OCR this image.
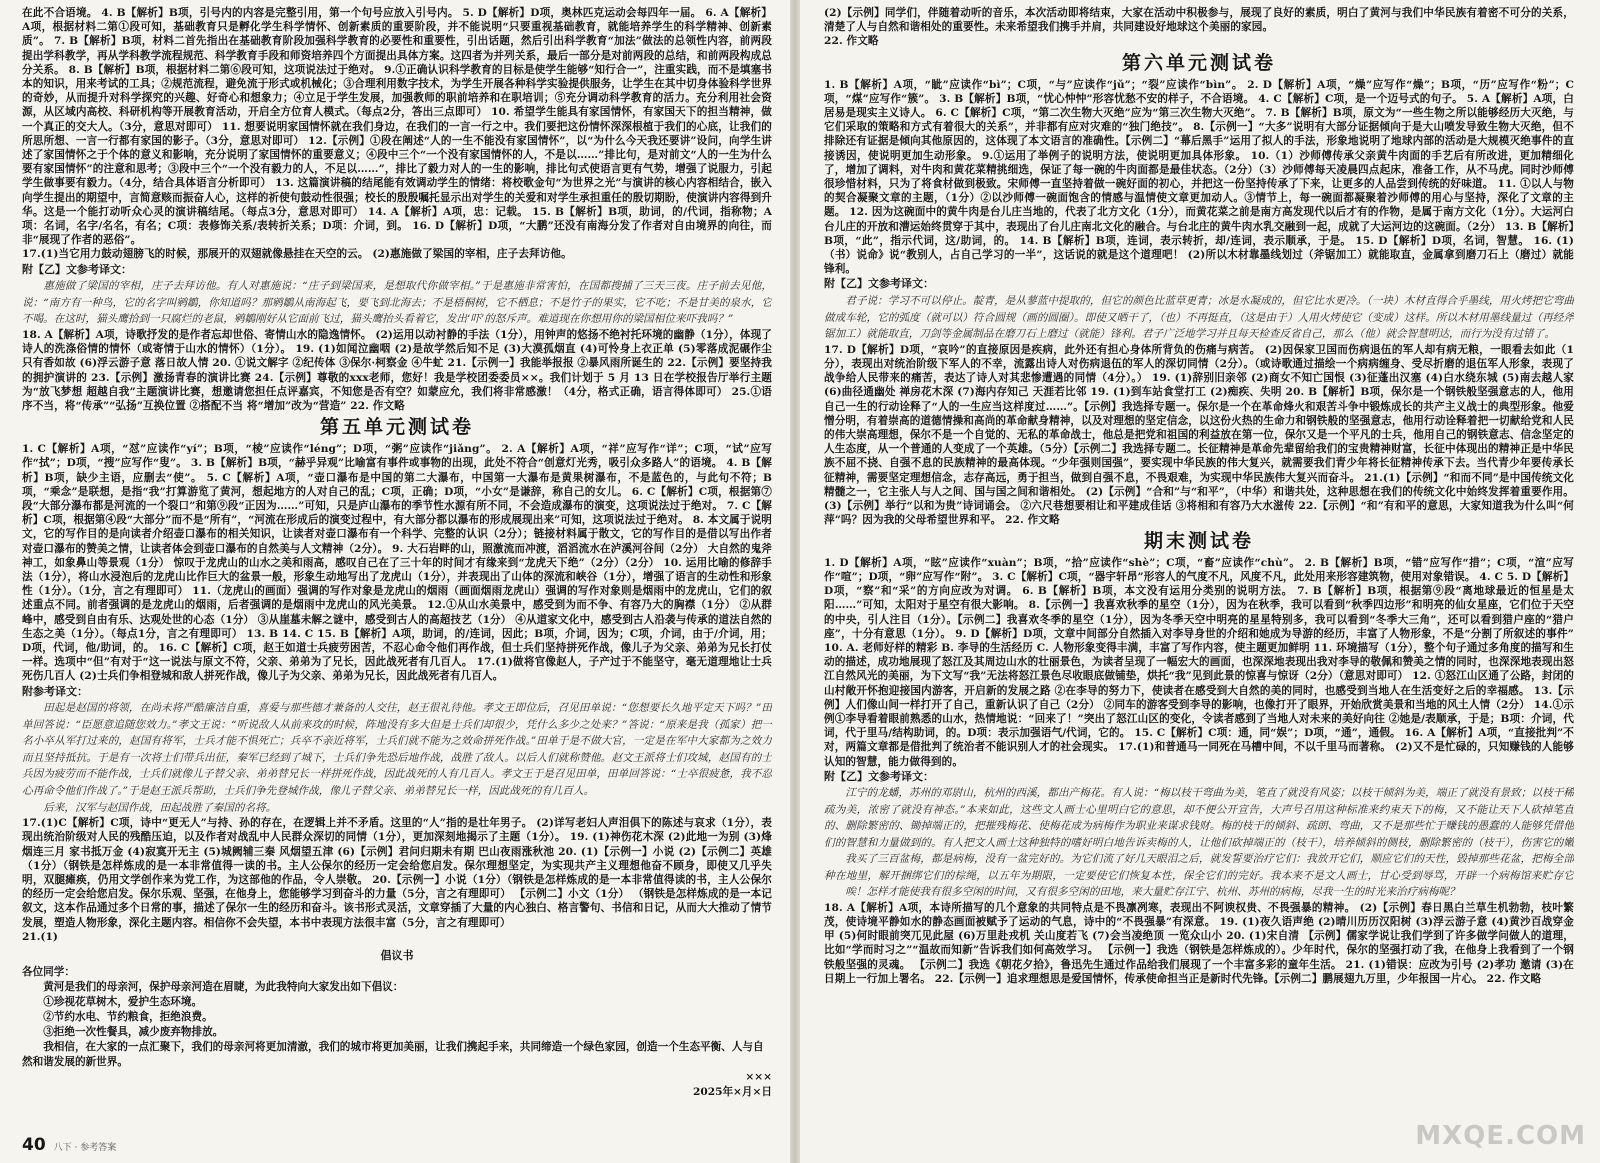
在此不合语境。 4. B【解析】B项，引号内的内容是完整引用，第一个句号应放入引号内。 5. D【解析】D项，奥林匹克运动会每四年一届。 6. A【解析】A项，根据材料二第①段可知，基础教育只是孵化学生科学情怀、创新素质的重要阶段，并不能说明“只要重视基础教育，就能培养学生的科学精神、创新素质”。 7. B【解析】B项，材料二首先指出在基础教育阶段加强科学教育的必要性和重要性，引出话题，然后引出科学教育“加法”做法的总领性内容，前两段提出学科教学，再从学科教学流程规范、科学教育手段和师资培养四个方面提出具体方案。这四者为并列关系，最后一部分是对前两段的总结，和前两段构成总分关系。 8. B【解析】B项，根据材料二第⑥段可知，这项说法过于绝对。 9.①正确认识科学教育的目标是使学生能够“知行合一”，注重实践，而不是填塞书本的知识，用来考试的工具；②规范流程，避免流于形式或机械化；③合理利用数字技术，为学生开展各种科学实验提供服务，让学生在其中切身体验科学世界的奇妙，从而提升对科学探究的兴趣、好奇心和想象力；④立足于学生发展，加强教师的职前培养和在职培训；⑤充分调动科学教育的活力。充分利用社会资源，从区域内高校、科研机构等开展教育活动，开启全方位育人模式。（每点2分，答出三点即可） 10. 希望学生能具有家国情怀，有家国天下的担当精神，做一个真正的交大人。（3分，意思对即可） 11. 想要说明家国情怀就在我们身边，在我们的一言一行之中。我们要把这份情怀深深根植于我们的心底，让我们的所思所想、一言一行都有家国的影子。（3分，意思对即可） 12.【示例】①段在阐述“人的一生不能没有家国情怀”，以“为什么今天我还要讲”设问，向学生讲述了家国情怀之于个体的意义和影响，充分说明了家国情怀的重要意义；④段中三个“一个没有家国情怀的人，不是以……”排比句，是对前文“人的一生为什么要有家国情怀”的注意和思考；③段中三个“一个没有毅力的人，不足以……”，排比了毅力对人的一生的影响，排比句式使语言更有气势，增强了说服力，引起学生做事要有毅力。（4分，结合具体语言分析即可） 13. 这篇演讲稿的结尾能有效调动学生的情绪：将校歌金句“为世界之光”与演讲的核心内容相结合，嵌入向学生提出的期望中，言简意赅而振奋人心，这样的祈使句鼓动性很强；校长的殷殷嘱托显示出对学生的关爱和对学生承担重任的殷切期盼，使演讲内容得到升华。这是一个能打动听众心灵的演讲稿结尾。（每点3分，意思对即可） 14. A【解析】A项，忠：记载。 15. B【解析】B项，助词，的/代词，指称物；A项：名词，名字/名名，有名；C项：表修饰关系/表转折关系；D项：介词，到。 16. D【解析】D项，“大鹏”还没有南海分发了作者对自由境界的向往，而非“展现了作者的恶俗”。

17.(1)当它用力鼓动翅膀飞的时候，那展开的双翅就像悬挂在天空的云。 (2)惠施做了梁国的宰相，庄子去拜访他。

附【乙】文参考译文：

惠施做了梁国的宰相，庄子去拜访他。有人对惠施说：“庄子到梁国来，是想取代你做宰相。”于是惠施非常害怕，在国都搜捕了三天三夜。庄子前去见他，说：“南方有一种鸟，它的名字叫鹓鶵，你知道吗？那鹓鶵从南海起飞，要飞到北海去；不是梧桐树，它不栖息；不是竹子的果实，它不吃；不是甘美的泉水，它不喝。在这时，猫头鹰拾到一只腐烂的老鼠，鹓鶵刚好从它面前飞过，猫头鹰抬头看着它，发出‘吓’的怒斥声。难道现在你想用你的梁国相位来吓我吗？”

18. A【解析】A项，诗歌抒发的是作者忘却世俗、寄情山水的隐逸情怀。 (2)运用以动衬静的手法（1分），用钟声的悠扬不绝衬托环境的幽静（1分），体现了诗人的洗涤俗情的情怀（或寄情于山水的情怀）（1分）。 19. (1)如闻泣幽咽 (2)是故学然后知不足 (3)大漠孤烟直 (4)可怜身上衣正单 (5)零落成泥碾作尘 只有香如故 (6)浮云游子意 落日故人情 20. ①说文解字 ②纪传体 ③保尔·柯察金 ④牛虻 21.【示例一】我能举报报 ②暴风雨所诞生的 22.【示例】要坚持我的拥护演讲的 23.【示例】激扬青春的演讲比赛 24.【示例】尊敬的xxx老师，您好！我是学校团委委员××。我们计划于 5 月 13 日在学校报告厅举行主题为“放飞梦想 超越自我”主题演讲比赛，想邀请您担任点评嘉宾，不知您是否有空？如蒙应允，我们将非常感激！（4分，格式正确，语言得体即可） 25.①语序不当，将“传承”“弘扬”互换位置 ②搭配不当 将“增加”改为“营造” 22. 作文略

第五单元测试卷

1. C【解析】A项，“怼”应读作“yí”；B项，“棱”应读作“léng”；D项，“粥”应读作“jiǎng”。 2. A【解析】A项，“祥”应写作“详”；C项，“试”应写作“拭”；D项，“搜”应写作“叟”。 3. B【解析】B项，“赫乎异观”比喻富有事件或事物的出现，此处不符合“创意灯光秀，吸引众多路人”的语境。 4. B【解析】B项，缺少主语，应删去“使”。 5. C【解析】A项，“壶口瀑布是中国的第二大瀑布，中国第一大瀑布是黄果树瀑布，不是蓝色的，与此句不符；B项，“乘念”是联想，是指“我”打算游览了黄河，想起地方的人对自己的乱；C项，正确；D项，“小女”是谦辞，称自己的女儿。 6. C【解析】C项，根据第⑦段“大部分瀑布都是河流的一个裂口”和第⑨段“正因为……”可知，只是庐山瀑布的季节性水源有所不同，不会造成瀑布的演变，这项说法过于绝对。 7. C【解析】C项，根据第④段“大部分”而不是“所有”，“河流在形成后的演变过程中，有大部分都以瀑布的形成展现出来”可知，这项说法过于绝对。 8. 本文属于说明文，它的写作目的是向读者介绍壶口瀑布的相关知识，让读者对壶口瀑布有一个科学、完整的认识（2分）；链接材料属于散文，它的写作目的是借以写出作者对壶口瀑布的赞美之情，让读者体会到壶口瀑布的自然美与人文精神（2分）。 9. 大石岩畔的山，照激流而冲渡，滔滔流水在泸溪河谷间（2分） 大自然的鬼斧神工，如象鼻山等景观（1分） 惊叹于龙虎山的山水之美和雨高，感叹自己在了三十年的时间才有缘来到“龙虎天下绝”（2分）（2分） 10. 运用比喻的修辞手法（1分），将山水浸泡后的龙虎山比作巨大的盆景一般，形象生动地写出了龙虎山（1分），并表现出了山体的深流和峡谷（1分），增强了语言的生动性和形象性（1分）。（1分，言之有理即可） 11.（龙虎山的画面）强调的写作对象是龙虎山的烟雨（画面烟雨龙虎山）强调的写作对象则是烟雨中的龙虎山，它们的叙述重点不同。前者强调的是龙虎山的烟雨，后者强调的是烟雨中龙虎山的风光美景。 12.①从山水美景中，感受到为而不争、有容乃大的胸襟（1分） ②从群峰中，感受到自由有乐、达观处世的心态（1分） ③从崖墓未解之谜中，感受到古人的高超技艺（1分） ④从道家文化中，感受到古人沿袭与传承的道法自然的生态之美（1分）。（每点1分，言之有理即可） 13. B 14. C 15. B【解析】A项，助词，的/连词，因此；B项，介词，因为；C项，介词，由于/介词，用；D项，代词，他/助词，的。 16. C【解析】C项，赵王如道士兵疲劳困苦，不忍心命令他们再作战，但士兵们坚持拼死作战，像儿子为父亲、弟弟为兄长打仗一样。选项中“但”有对于“这一说法与原文不符，父亲、弟弟为了兄长，因此战死者有几百人。 17.(1)做将官像赵人，子产过于不能坚守，毫无道理地让士兵死伤几百人 (2)士兵们争相登城和敌人拼死作战，像儿子为父亲、弟弟为兄长，因此战死者有几百人。

附参考译文：

田起是赵国的将领，在尚未将严酷廉洁自重，喜爱与那些德才兼备的人交往，赵王很礼待他。孝文王即位后，召见田单说：“您想要长久地平定天下吗？”田单回答说：“臣愿意追随您效力。”孝文王说：“听说敌人从前来攻的时候，阵地没有多大但是士兵们却很少，凭什么多少之处来？”答说：“原来是我（孤家）把一名小卒从军打过来的，赵国有将军，士兵才能不惧死亡；兵卒不亲近将军，士兵们就不能为之效命拼死作战。”田单于是不做大官，一定是在军中大家都为之效力而且坚持抵抗。于是有一次将士们带兵出征，秦军已经到了城下，士兵们争先恐后地作战，战胜了敌人。以后人们就称赞他。赵文王派将士们攻城，赵国有的士兵因为疲劳而不能作战，士兵们就像儿子替父亲、弟弟替兄长一样拼死作战，因此战死的人有几百人。孝文王于是召见田单，田单回答说：“士卒很疲惫，我不忍心再命令他们作战了。”于是赵王派兵帮助，士兵们争先登城作战，像儿子替父亲、弟弟替兄长一样，因此战死的有几百人。

后来，汉军与赵国作战，田起战胜了秦国的名将。

17.(1)C【解析】C项，诗中“更无人”与持、孙的存在，在逻辑上并不矛盾。这里的“人”指的是壮年男子。 (2)详写老妇人声泪俱下的陈述与哀求（1分），表现出统治阶级对人民的残酷压迫，以及作者对战乱中人民群众深切的同情（1分），更加深刻地揭示了主题（1分）。 19. (1)神伤花木深 (2)此地一为别 (3)烽烟连三月 家书抵万金 (4)寂寞开无主 (5)城阙辅三秦 风烟望五津 (6)【示例】君问归期未有期 巴山夜雨涨秋池 20. (1)【示例一】小说 (2)【示例二】英雄（1分）（钢铁是怎样炼成的是一本非常值得一读的书。主人公保尔的经历一定会给您启发。保尔理想坚定，为实现共产主义理想他奋不顾身，即使又几乎失明，双腿瘫痪，仍用文学创作来为党工作，为这部他的作品，令人崇敬。 20.【示例一】小说（1分）（钢铁是怎样炼成的是一本非常值得读的书，主人公保尔的经历一定会给您启发。保尔乐观、坚强，在他身上，您能够学习到奋斗的力量（5分，言之有理即可） 【示例二】小文（1分） （钢铁是怎样炼成的是一本记叙文，这本作品通过多个日常的事，描述了保尔一生的经历和奋斗。该书形式灵活，文章穿插了大量的内心独白、格言警句、书信和日记，从而大大推动了情节发展，塑造人物形象，深化主题内容。相信你不会失望，本书中表现方法很丰富（5分，言之有理即可）

21.(1)

倡议书

各位同学：

黄河是我们的母亲河，保护母亲河造在眉睫，为此我特向大家发出如下倡议：

①珍视花草树木，爱护生态环境。

②节约水电、节约粮食，拒绝浪费。

③拒绝一次性餐具，减少废弃物排放。

我相信，在大家的一点汇聚下，我们的母亲河将更加清澈，我们的城市将更加美丽，让我们携起手来，共同缔造一个绿色家园，创造一个生态平衡、人与自然和谐发展的新世界。

×××

2025年×月×日

40 八下 · 参考答案

(2)【示例】同学们，伴随着动听的音乐，本次活动即将结束，大家在活动中积极参与，展现了良好的素质，明白了黄河与我们中华民族有着密不可分的关系，清楚了人与自然和谐相处的重要性。未来希望我们携手并肩，共同建设好地球这个美丽的家园。

22. 作文略

第六单元测试卷

1. B【解析】A项，“眦”应读作“bì”；C项，“与”应读作“jǔ”；“裂”应读作“bìn”。 2. D【解析】A项，“燥”应写作“燥”；B项，“历”应写作“粉”；C项，“煤”应写作“簇”。 3. B【解析】B项，“忧心忡忡”形容忧愁不安的样子，不合语境。 4. C【解析】C项，是一个迈号式的句子。 5. A【解析】A项，白居易是现实主义诗人。 6. C【解析】C项，“第二次生物大灭绝”应为“第三次生物大灭绝”。 7. B【解析】B项，原文为“一些生物之所以能够经历大灭绝，与它们采取的策略和方式有着很大的关系”，并非都有应对灾难的“独门绝技”。 8.【示例一】“大多”说明有大部分证据倾向于是大山喷发导致生物大灭绝，但不排除还有证据是倾向其他原因的，这体现了本文语言的准确性。【示例二】“幕后黑手”运用了拟人的手法，形象地说明了地球内部的活动是大规模灭绝事件的直接诱因，使说明更加生动形象。 9.①运用了举例子的说明方法，使说明更加具体形象。 10.（1）沙师傅传承父亲黄牛肉面的手艺后有所改进，更加精细化了，增加了调料，对牛肉和黄花菜精挑细选，保证了每一碗的牛肉面都是最佳状态。（2分）（3）沙师傅每天凌晨四点起床，准备工作，从不马虎。同时沙师傅很珍惜材料，只为了将食材做到极致。宋师傅一直坚持着做一碗好面的初心，并把这一份坚持传承了下来，让更多的人品尝到传统的好味道。 11. ①以人与物的契合凝聚文章的主题，（1分）②以沙师傅一碗面饱含的情感与温情使文章更加动人。③情节上，每一碗面都凝聚着沙师傅的用心与坚持，深化了文章的主题。 12. 因为这碗面中的黄牛肉是台儿庄当地的，代表了北方文化（1分），而黄花菜之前是南方高发现代以后才有的作物，是属于南方文化（1分）。大运河白台儿庄的开放和漕运始终贯穿于其中，表现出了台儿庄南北文化的融合。与台北庄的黄牛肉水乳交融到一起，成就了大运河边的这碗面。（2分） 13. B【解析】B项，“此”，指示代词，这/助词，的。 14. B【解析】B项，连词，表示转折，却/连词，表示顺承，于是。 15. D【解析】D项，名词，智慧。 16. (1)（书）说命》说“教别人，占自己学习的一半”，这话说的就是这个道理吧！ (2)所以木材靠墨线划过（斧锯加工）就能取直，金属拿到磨刀石上（磨过）就能锋利。

附【乙】文参考译文：

君子说：学习不可以停止。靛青，是从蓼蓝中提取的，但它的颜色比蓝草更青；冰是水凝成的，但它比水更冷。（一块）木材直得合乎墨线，用火烤把它弯曲做成车轮，它的弧度（就可以）符合圆规（画的圆圈）。即使又晒干了，（也）不再挺直，（这是由于）人用火烤使它（变成）这样。所以木材用墨线量过（再经斧锯加工）就能取直，刀剑等金属制品在磨刀石上磨过（就能）锋利。君子广泛地学习并且每天检查反省自己，那么（他）就会智慧明达，而行为没有过错了。

17. D【解析】D项，“哀吟”的直接原因是疾病，此外还有担心身体所背负的伤痛与病苦。 (2)因保家卫国而伤病退伍的军人却有病无粮，一眼看去如此（1分），表现出对统治阶级下军人的不幸，流露出诗人对伤病退伍的军人的深切同情（2分）。（或诗歌通过描绘一个病病缠身、受尽折磨的退伍军人形象，表现了战争给人民带来的痛苦，表达了诗人对其悲惨遭遇的同情（4分）。） 19. (1)辞别旧亲邻 (2)商女不知亡国恨 (3)征蓬出汉塞 (4)白水绕东城 (5)南去越人家 (6)曲径通幽处 禅房花木深 (7)海内存知己 天涯若比邻 19. (1)到车站食堂打工 (2)痴疾、失明 20. B【解析】B项，保尔是一个钢铁般坚强意志的人，他用自己一生的行动诠释了“人的一生应当这样度过……”。【示例】我选择专题一。保尔是一个在革命烽火和艰苦斗争中锻炼成长的共产主义战士的典型形象。他爱憎分明，有着崇高的道德情操和高尚的革命献身精神，以及对理想的坚定信念，以这份火热的生命力和钢铁般的坚强意志，他用行动诠释着把一切献给党和人民的伟大崇高理想，保尔不是一个自觉的、无私的革命战士，他总是把党和祖国的利益放在第一位，保尔又是一个平凡的士兵，他用自己的钢铁意志、信念坚定的人生态度，从一个普通的人变成了一个英雄。（5分）【示例二】我选择专题二。长征精神是革命先辈留给我们的宝贵精神财富，长征中体现出的精神正是中华民族不屈不挠、自强不息的民族精神的最高体现。“少年强则国强”，要实现中华民族的伟大复兴，就需要我们青少年将长征精神传承下去。当代青少年要传承长征精神，需要坚定理想信念，志存高远，勇于担当，做到自强不息，不畏艰难，为实现中华民族伟大复兴而奋斗。 21.(1)【示例】“和而不同”是中国传统文化精髓之一，它主张人与人之间、国与国之间和谐相处。 (2)【示例】“合和”与“和平”，（中华）和谐共处，这种思想在我们的传统文化中始终发挥着重要作用。 (3)【示例】举行“以和为贵”诗词诵会。 ②六尺巷想要相让和平建成佳话 ③将相和有容乃大水滋传 22.【示例】“和”有和平的意思，大家知道我为什么叫“何萍”吗？因为我的父母希望世界和平。 22. 作文略

期末测试卷

1. D【解析】A项，“眩”应读作“xuàn”；B项，“拾”应读作“shè”；C项，“畜”应读作“chù”。 2. B【解析】B项，“错”应写作“措”；C项，“渲”应写作“喧”；D项，“卵”应写作“附”。 3. C【解析】C项，“器宇轩昂”形容人的气度不凡，风度不凡，此处用来形容建筑物，使用对象错误。 4. C 5. D【解析】D项，“察”和“采”的方向应改为对调。 6. B【解析】B项，本文没有运用分类别的说明方法。 7. B【解析】B项，根据第⑨段“离地球最近的恒星是太阳……”可知，太阳对于星空有很大影响。 8.【示例一】我喜欢秋季的星空（1分），因为在秋季，我可以看到“秋季四边形”和明亮的仙女星座，它们位于天空的中央，引人注目（1分）。【示例二】我喜欢冬季的星空（1分），因为冬季天空中明亮的星星特别多，我可以看到“冬季大三角”，还可以看到猎户座的“猎户座”，十分有意思（1分）。 9. D【解析】D项，文章中间部分自然插入对李导身世的介绍和她成为导游的经历，丰富了人物形象，不是“分割了所叙述的事件” 10. A. 老师好样的精彩 B. 李导的生活经历 C. 人物形象变得丰满，丰富了写作内容，使主题更加鲜明 11. 环境描写（1分），整个句子通过多角度的描写和生动的描述，成功地展现了怒江及其周边山水的壮丽景色，为读者呈现了一幅宏大的画面，也深深地表现出我对李导的敬佩和赞美之情的同时，也深深地表现出怒江自然风光的美丽，为下文写“我”无法将怒江景色尽收眼底做铺垫，烘托“我”见到此景的惊喜与惊讶（2分）（意思对即可） 12. ①怒江山区通了公路，封闭的山村敞开怀抱迎接国内游客，开启新的发展之路 ②在李导的努力下，使读者在感受到大自然的美的同时，也感受到当地人在生活变好之后的幸福感。 13.【示例】人们像山间一样打开了自己，重新认识了自己（2分） ②同车的游客受到李导的影响，也像打开了眼界，开始欣赏美景和当地的风土人情（2分） 14.①示例①李导看着眼前熟悉的山水，热情地说：“回来了！”突出了怒江山区的变化，令读者感到了当地人对未来的美好向往 ②她是/表顺承，于是；B项：介词，代词，代于里马/结构助词，的。D项：表示加强语气/代词，它的。 15. C【解析】C项：通，同“娱”；D项，“通”，通假。 16. A【解析】A项，“直接批判”不对，两篇文章都是借批判了统治者不能识别人才的社会现实。 17.(1)和普通马一同死在马槽中间，不以千里马而著称。 (2)又不是忙碌的，只知赚钱的人能够认知的智慧，能力做得到的。

附【乙】文参考译文：

江宁的龙蟠，苏州的邓尉山，杭州的西溪，都出产梅花。有人说：“梅以枝干弯曲为美，笔直了就没有风姿；以枝干倾斜为美，端正了就没有景致；以枝干稀疏为美，浓密了就没有神态。”本来如此，这些文人画士心里明白它的意思，却不便公开宣告，大声号召用这种标准来约束天下的梅，又不能让天下人砍掉笔直的、删除繁密的、锄掉端正的，把摧残梅花、使梅花成为病梅作为职业来谋求钱财。梅的枝干的倾斜、疏朗、弯曲，又不是那些忙于赚钱的愚蠢的人能够凭借他们的智慧和力量做到的。有人把文人画士这种独特的嗜好明白地告诉卖梅的人，让他们砍掉端正的（枝干），培养倾斜的侧枝，删除繁密的（枝干），伤害它的嫩

我买了三百盆梅，都是病梅，没有一盆完好的。为它们流了好几天眼泪之后，就发誓要治疗它们：我放开它们，顺应它们的天性，毁掉那些花盆，把梅全部种在地里，解开捆绑它们的棕绳，以五年为期限，一定要使它们恢复本性，保全它们的完好。我本来不是文人画士，甘心受到辱骂，开辟一个病梅馆来贮存它

唉！怎样才能使我有很多空闲的时间，又有很多空闲的田地，来大量贮存江宁、杭州、苏州的病梅，尽我一生的时光来治疗病梅呢？

18. A【解析】A项，本诗所描写的几个意象的共同特点是不畏凛冽寒，表现出不阿谀权贵、不畏强暴的精神。 (2)【示例】春日黑白兰草生机勃勃，枝叶繁茂，使诗境平静如水的静态画面被赋予了运动的气息，诗中的“不畏强暴”有深意。 19. (1)夜久语声绝 (2)晴川历历汉阳树 (3)浮云游子意 (4)黄沙百战穿金甲 (5)何时眼前突兀见此屋 (6)万里赴戎机 关山度若飞 (7)会当凌绝顶 一览众山小 20. (1)宋自清 【示例】儒家学说让我们学到了许多做学问做人的道理，比如“学而时习之”“温故而知新”告诉我们如何高效学习。 【示例一】我选（钢铁是怎样炼成的）。少年时代，保尔的坚强打动了我，在他身上我看到了一个钢铁般坚强的灵魂。 【示例二】我选《朝花夕拾》，鲁迅先生通过作品给我们展现了一个丰富多彩的童年生活。 21. (1)错误：应改为引号 (2)孝功 邀请 (3)在日期上一行加上署名。 22.【示例一】追求理想思是爱国情怀，传承使命担当正是新时代先锋。【示例二】鹏展翅九万里，少年报国一片心。 22. 作文略

MXQE.COM
